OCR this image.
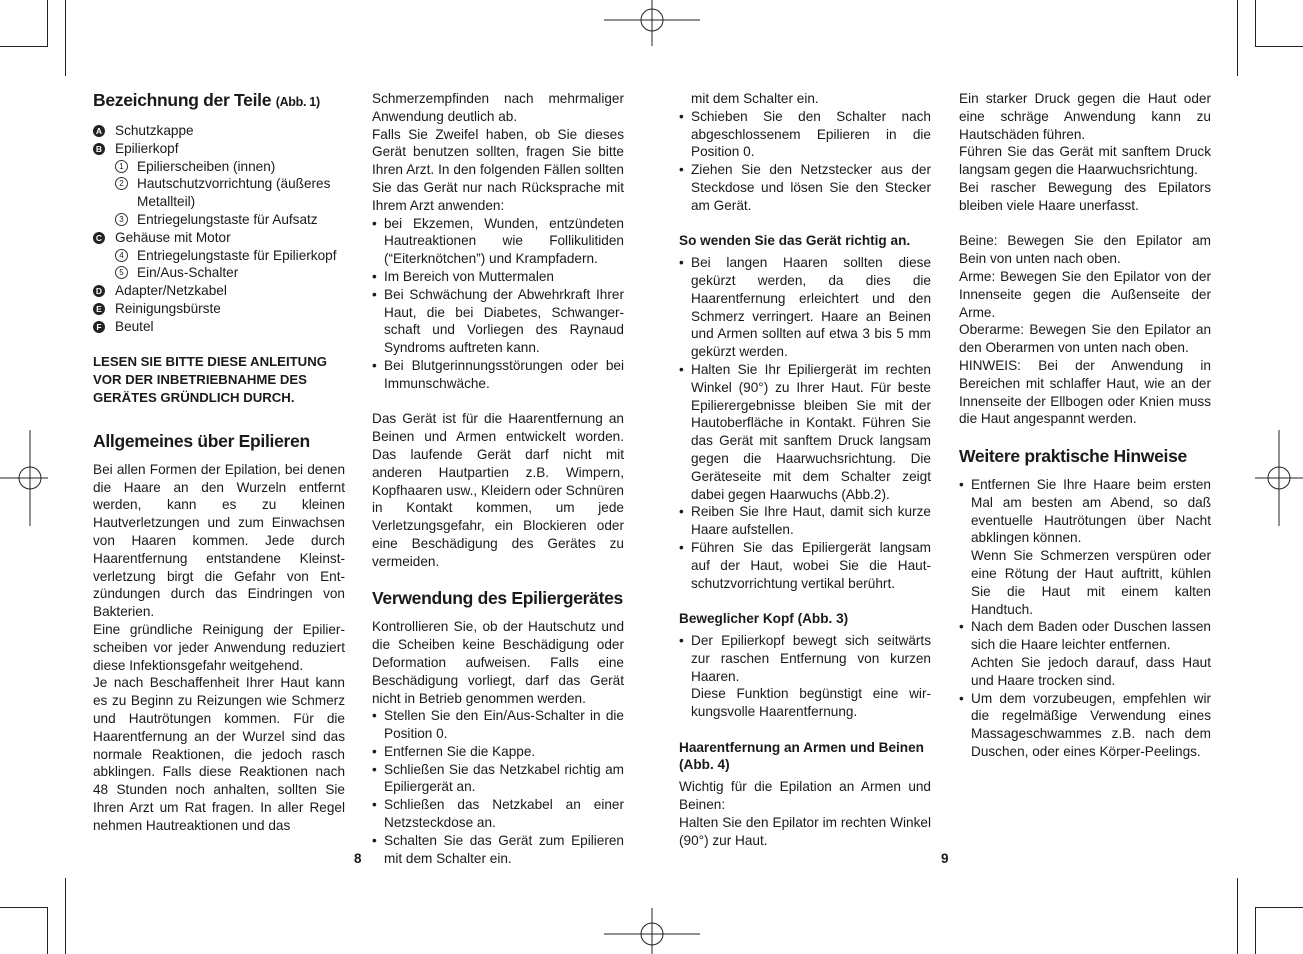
Bezeichnung der Teile (Abb. 1)
A Schutzkappe
B Epilierkopf
1 Epilierscheiben (innen)
2 Hautschutzvorrichtung (äußeres Metallteil)
3 Entriegelungstaste für Aufsatz
C Gehäuse mit Motor
4 Entriegelungstaste für Epilierkopf
5 Ein/Aus-Schalter
D Adapter/Netzkabel
E Reinigungsbürste
F Beutel

LESEN SIE BITTE DIESE ANLEITUNG VOR DER INBETRIEBNAHME DES GERÄTES GRÜNDLICH DURCH.

Allgemeines über Epilieren

Bei allen Formen der Epilation, bei denen die Haare an den Wurzeln entfernt werden, kann es zu kleinen Hautverletzungen und zum Einwachsen von Haaren kommen. Jede durch Haarentfernung entstandene Kleinst-verletzung birgt die Gefahr von Ent-zündungen durch das Eindringen von Bakterien.

Eine gründliche Reinigung der Epilier-scheiben vor jeder Anwendung reduziert diese Infektionsgefahr weitgehend.

Je nach Beschaffenheit Ihrer Haut kann es zu Beginn zu Reizungen wie Schmerz und Hautrötungen kommen. Für die Haarentfernung an der Wurzel sind das normale Reaktionen, die jedoch rasch abklingen. Falls diese Reaktionen nach 48 Stunden noch anhalten, sollten Sie Ihren Arzt um Rat fragen. In aller Regel nehmen Hautreaktionen und das

Schmerzempfinden nach mehrmaliger Anwendung deutlich ab.

Falls Sie Zweifel haben, ob Sie dieses Gerät benutzen sollten, fragen Sie bitte Ihren Arzt. In den folgenden Fällen sollten Sie das Gerät nur nach Rücksprache mit Ihrem Arzt anwenden:

• bei Ekzemen, Wunden, entzündeten Hautreaktionen wie Follikulitiden (“Eiterknötchen”) und Krampfadern.
• Im Bereich von Muttermalen
• Bei Schwächung der Abwehrkraft Ihrer Haut, die bei Diabetes, Schwanger-schaft und Vorliegen des Raynaud Syndroms auftreten kann.
• Bei Blutgerinnungsstörungen oder bei Immunschwäche.

Das Gerät ist für die Haarentfernung an Beinen und Armen entwickelt worden. Das laufende Gerät darf nicht mit anderen Hautpartien z.B. Wimpern, Kopfhaaren usw., Kleidern oder Schnüren in Kontakt kommen, um jede Verletzungsgefahr, ein Blockieren oder eine Beschädigung des Gerätes zu vermeiden.

Verwendung des Epiliergerätes

Kontrollieren Sie, ob der Hautschutz und die Scheiben keine Beschädigung oder Deformation aufweisen. Falls eine Beschädigung vorliegt, darf das Gerät nicht in Betrieb genommen werden.

• Stellen Sie den Ein/Aus-Schalter in die Position 0.
• Entfernen Sie die Kappe.
• Schließen Sie das Netzkabel richtig am Epiliergerät an.
• Schließen das Netzkabel an einer Netzsteckdose an.
• Schalten Sie das Gerät zum Epilieren mit dem Schalter ein.

mit dem Schalter ein.

• Schieben Sie den Schalter nach abgeschlossenem Epilieren in die Position 0.
• Ziehen Sie den Netzstecker aus der Steckdose und lösen Sie den Stecker am Gerät.
So wenden Sie das Gerät richtig an.
• Bei langen Haaren sollten diese gekürzt werden, da dies die Haarentfernung erleichtert und den Schmerz verringert. Haare an Beinen und Armen sollten auf etwa 3 bis 5 mm gekürzt werden.
• Halten Sie Ihr Epiliergerät im rechten Winkel (90°) zu Ihrer Haut. Für beste Epilierergebnisse bleiben Sie mit der Hautoberfläche in Kontakt. Führen Sie das Gerät mit sanftem Druck langsam gegen die Haarwuchsrichtung. Die Geräteseite mit dem Schalter zeigt dabei gegen Haarwuchs (Abb.2).
• Reiben Sie Ihre Haut, damit sich kurze Haare aufstellen.
• Führen Sie das Epiliergerät langsam auf der Haut, wobei Sie die Haut-schutzvorrichtung vertikal berührt.
Beweglicher Kopf (Abb. 3)
• Der Epilierkopf bewegt sich seitwärts zur raschen Entfernung von kurzen Haaren.
Diese Funktion begünstigt eine wir-kungsvolle Haarentfernung.
Haarentfernung an Armen und Beinen (Abb. 4)

Wichtig für die Epilation an Armen und Beinen:

Halten Sie den Epilator im rechten Winkel (90°) zur Haut.

Ein starker Druck gegen die Haut oder eine schräge Anwendung kann zu Hautschäden führen.

Führen Sie das Gerät mit sanftem Druck langsam gegen die Haarwuchsrichtung.

Bei rascher Bewegung des Epilators bleiben viele Haare unerfasst.

Beine: Bewegen Sie den Epilator am Bein von unten nach oben.

Arme: Bewegen Sie den Epilator von der Innenseite gegen die Außenseite der Arme.

Oberarme: Bewegen Sie den Epilator an den Oberarmen von unten nach oben.

HINWEIS: Bei der Anwendung in Bereichen mit schlaffer Haut, wie an der Innenseite der Ellbogen oder Knien muss die Haut angespannt werden.

Weitere praktische Hinweise
• Entfernen Sie Ihre Haare beim ersten Mal am besten am Abend, so daß eventuelle Hautrötungen über Nacht abklingen können.
Wenn Sie Schmerzen verspüren oder eine Rötung der Haut auftritt, kühlen Sie die Haut mit einem kalten Handtuch.
• Nach dem Baden oder Duschen lassen sich die Haare leichter entfernen.
Achten Sie jedoch darauf, dass Haut und Haare trocken sind.
• Um dem vorzubeugen, empfehlen wir die regelmäßige Verwendung eines Massageschwammes z.B. nach dem Duschen, oder eines Körper-Peelings.
8	9
